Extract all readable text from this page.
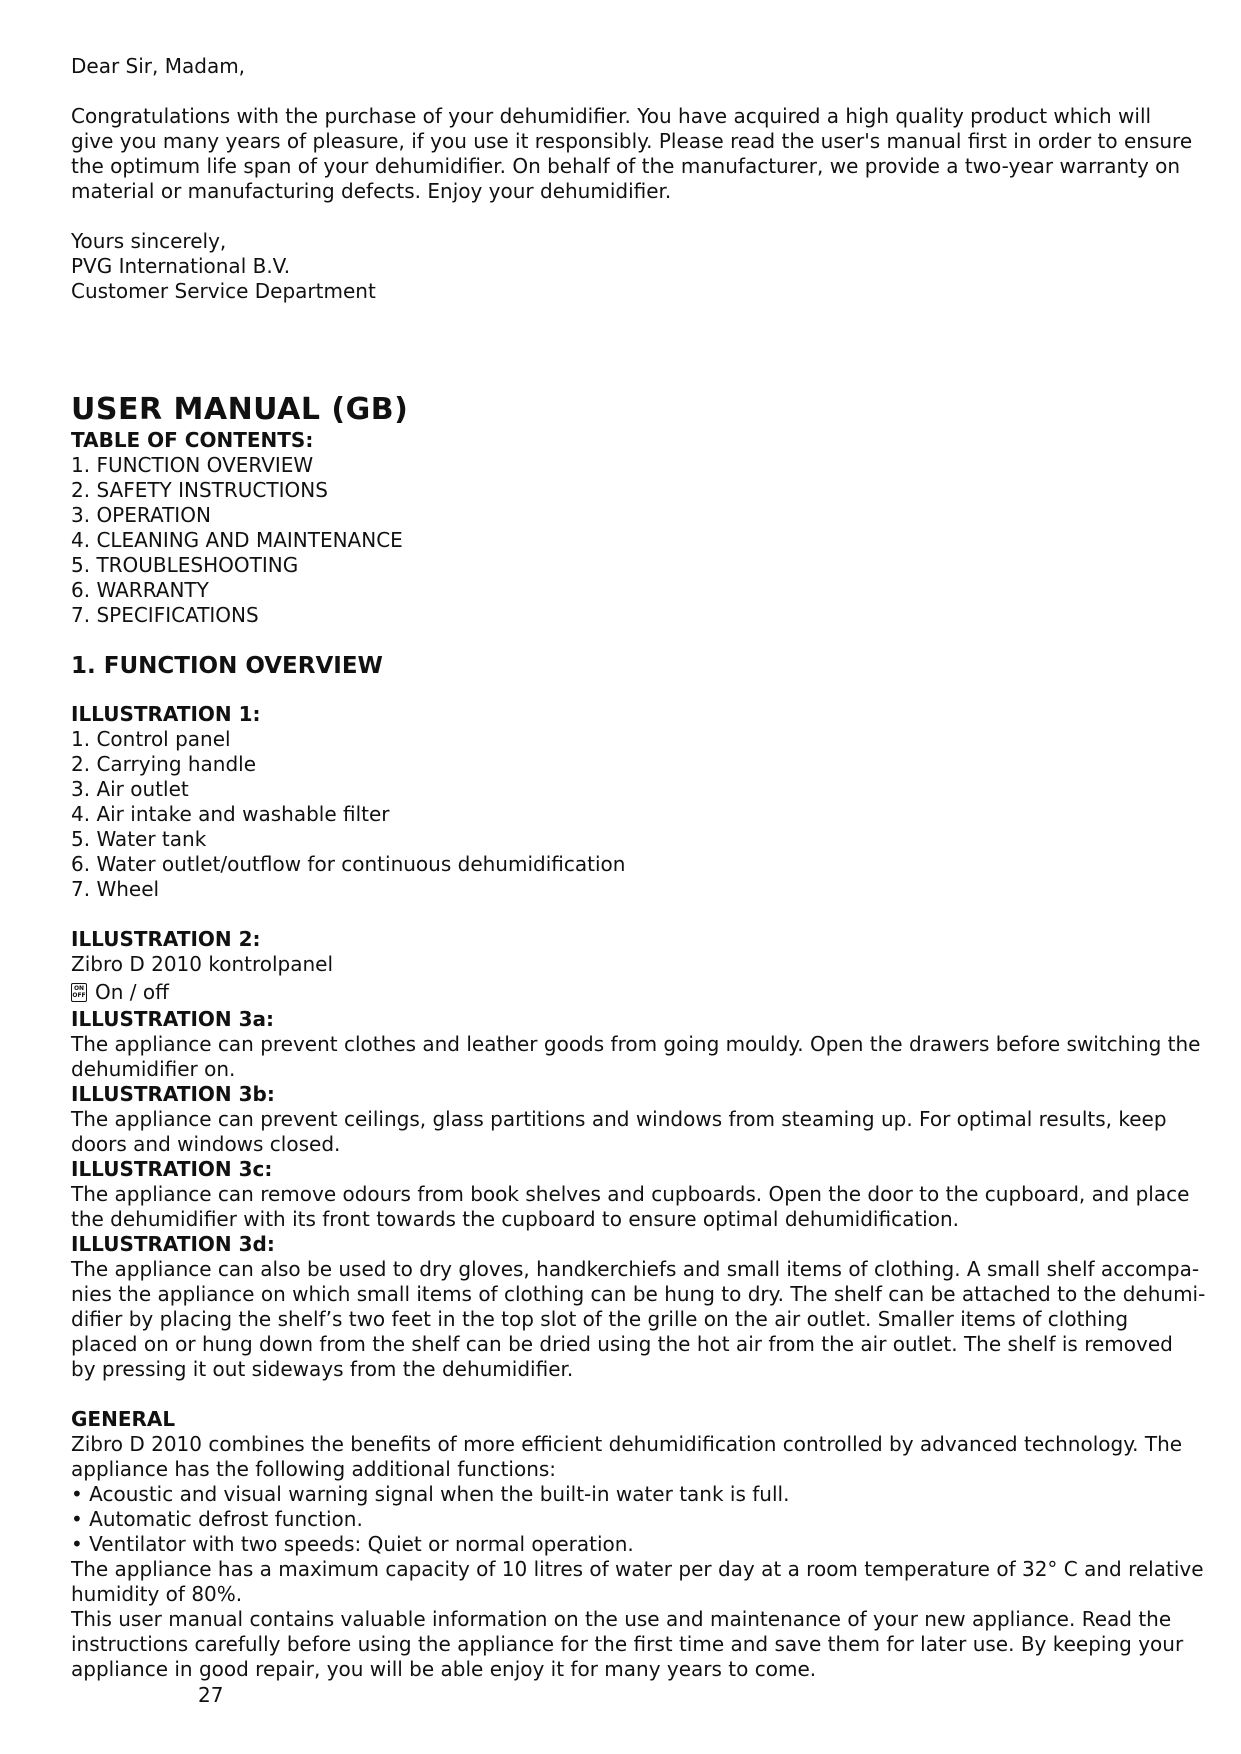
Dear Sir, Madam,
Congratulations with the purchase of your dehumidifier. You have acquired a high quality product which will
give you many years of pleasure, if you use it responsibly. Please read the user's manual first in order to ensure
the optimum life span of your dehumidifier. On behalf of the manufacturer, we provide a two-year warranty on
material or manufacturing defects. Enjoy your dehumidifier.
Yours sincerely,
PVG International B.V.
Customer Service Department
USER MANUAL (GB)
TABLE OF CONTENTS:
1. FUNCTION OVERVIEW
2. SAFETY INSTRUCTIONS
3. OPERATION
4. CLEANING AND MAINTENANCE
5. TROUBLESHOOTING
6. WARRANTY
7. SPECIFICATIONS
1. FUNCTION OVERVIEW
ILLUSTRATION 1:
1. Control panel
2. Carrying handle
3. Air outlet
4. Air intake and washable filter
5. Water tank
6. Water outlet/outflow for continuous dehumidification
7. Wheel
ILLUSTRATION 2:
Zibro D 2010 kontrolpanel
ON
OFF On / off
ILLUSTRATION 3a:
The appliance can prevent clothes and leather goods from going mouldy. Open the drawers before switching the
dehumidifier on.
ILLUSTRATION 3b:
The appliance can prevent ceilings, glass partitions and windows from steaming up. For optimal results, keep
doors and windows closed.
ILLUSTRATION 3c:
The appliance can remove odours from book shelves and cupboards. Open the door to the cupboard, and place
the dehumidifier with its front towards the cupboard to ensure optimal dehumidification.
ILLUSTRATION 3d:
The appliance can also be used to dry gloves, handkerchiefs and small items of clothing. A small shelf accompa-
nies the appliance on which small items of clothing can be hung to dry. The shelf can be attached to the dehumi-
difier by placing the shelf’s two feet in the top slot of the grille on the air outlet. Smaller items of clothing
placed on or hung down from the shelf can be dried using the hot air from the air outlet. The shelf is removed
by pressing it out sideways from the dehumidifier.
GENERAL
Zibro D 2010 combines the benefits of more efficient dehumidification controlled by advanced technology. The
appliance has the following additional functions:
• Acoustic and visual warning signal when the built-in water tank is full.
• Automatic defrost function.
• Ventilator with two speeds: Quiet or normal operation.
The appliance has a maximum capacity of 10 litres of water per day at a room temperature of 32° C and relative
humidity of 80%.
This user manual contains valuable information on the use and maintenance of your new appliance. Read the
instructions carefully before using the appliance for the first time and save them for later use. By keeping your
appliance in good repair, you will be able enjoy it for many years to come.
27
